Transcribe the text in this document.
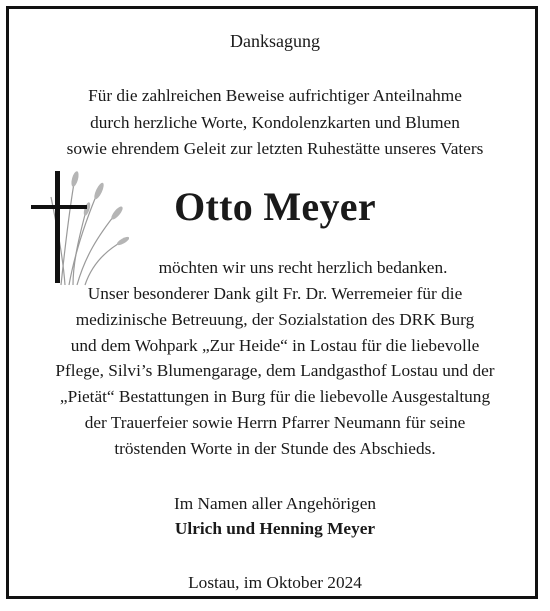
Danksagung
Für die zahlreichen Beweise aufrichtiger Anteilnahme
durch herzliche Worte, Kondolenzkarten und Blumen
sowie ehrendem Geleit zur letzten Ruhestätte unseres Vaters
Otto Meyer
möchten wir uns recht herzlich bedanken.
Unser besonderer Dank gilt Fr. Dr. Werremeier für die
medizinische Betreuung, der Sozialstation des DRK Burg
und dem Wohpark „Zur Heide“ in Lostau für die liebevolle
Pflege, Silvi’s Blumengarage, dem Landgasthof Lostau und der
„Pietät“ Bestattungen in Burg für die liebevolle Ausgestaltung
der Trauerfeier sowie Herrn Pfarrer Neumann für seine
tröstenden Worte in der Stunde des Abschieds.
Im Namen aller Angehörigen
Ulrich und Henning Meyer
Lostau, im Oktober 2024
